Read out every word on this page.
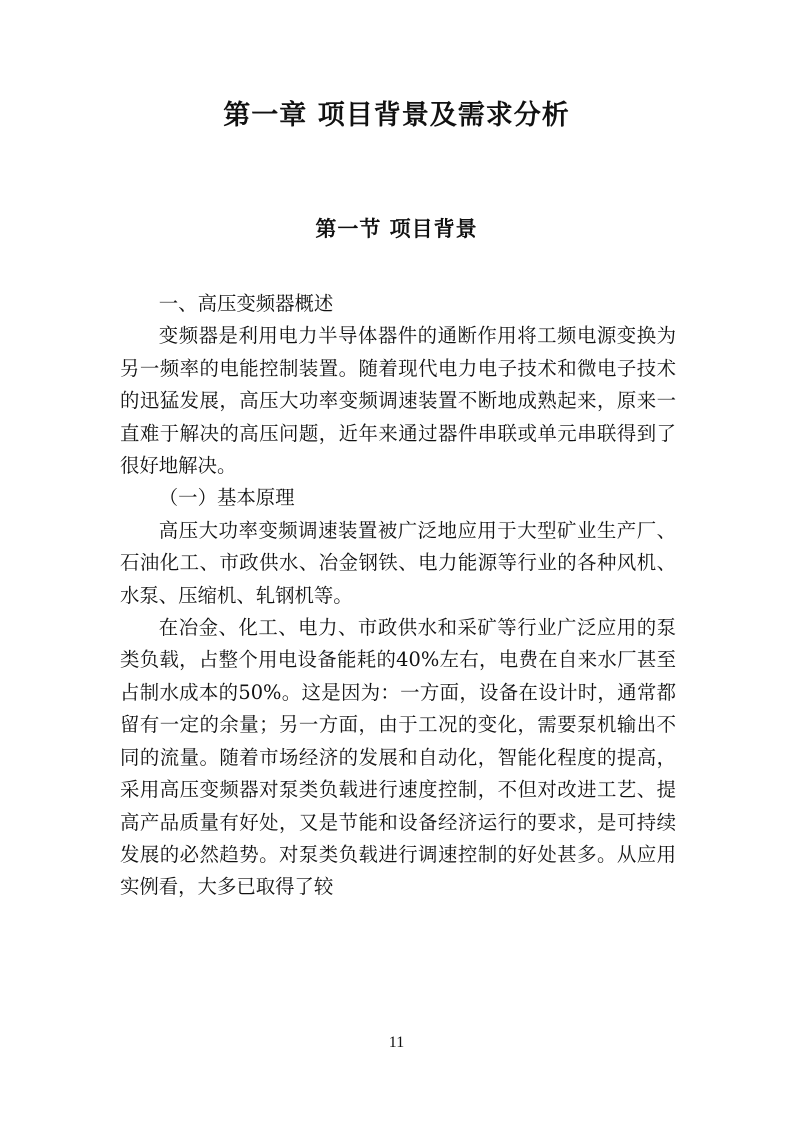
第一章 项目背景及需求分析
第一节 项目背景

一、高压变频器概述

变频器是利用电力半导体器件的通断作用将工频电源变换为另一频率的电能控制装置。随着现代电力电子技术和微电子技术的迅猛发展，高压大功率变频调速装置不断地成熟起来，原来一直难于解决的高压问题，近年来通过器件串联或单元串联得到了很好地解决。

（一）基本原理

高压大功率变频调速装置被广泛地应用于大型矿业生产厂、石油化工、市政供水、冶金钢铁、电力能源等行业的各种风机、水泵、压缩机、轧钢机等。

在冶金、化工、电力、市政供水和采矿等行业广泛应用的泵类负载，占整个用电设备能耗的40%左右，电费在自来水厂甚至占制水成本的50%。这是因为：一方面，设备在设计时，通常都留有一定的余量；另一方面，由于工况的变化，需要泵机输出不同的流量。随着市场经济的发展和自动化，智能化程度的提高，采用高压变频器对泵类负载进行速度控制，不但对改进工艺、提高产品质量有好处，又是节能和设备经济运行的要求，是可持续发展的必然趋势。对泵类负载进行调速控制的好处甚多。从应用实例看，大多已取得了较

11
